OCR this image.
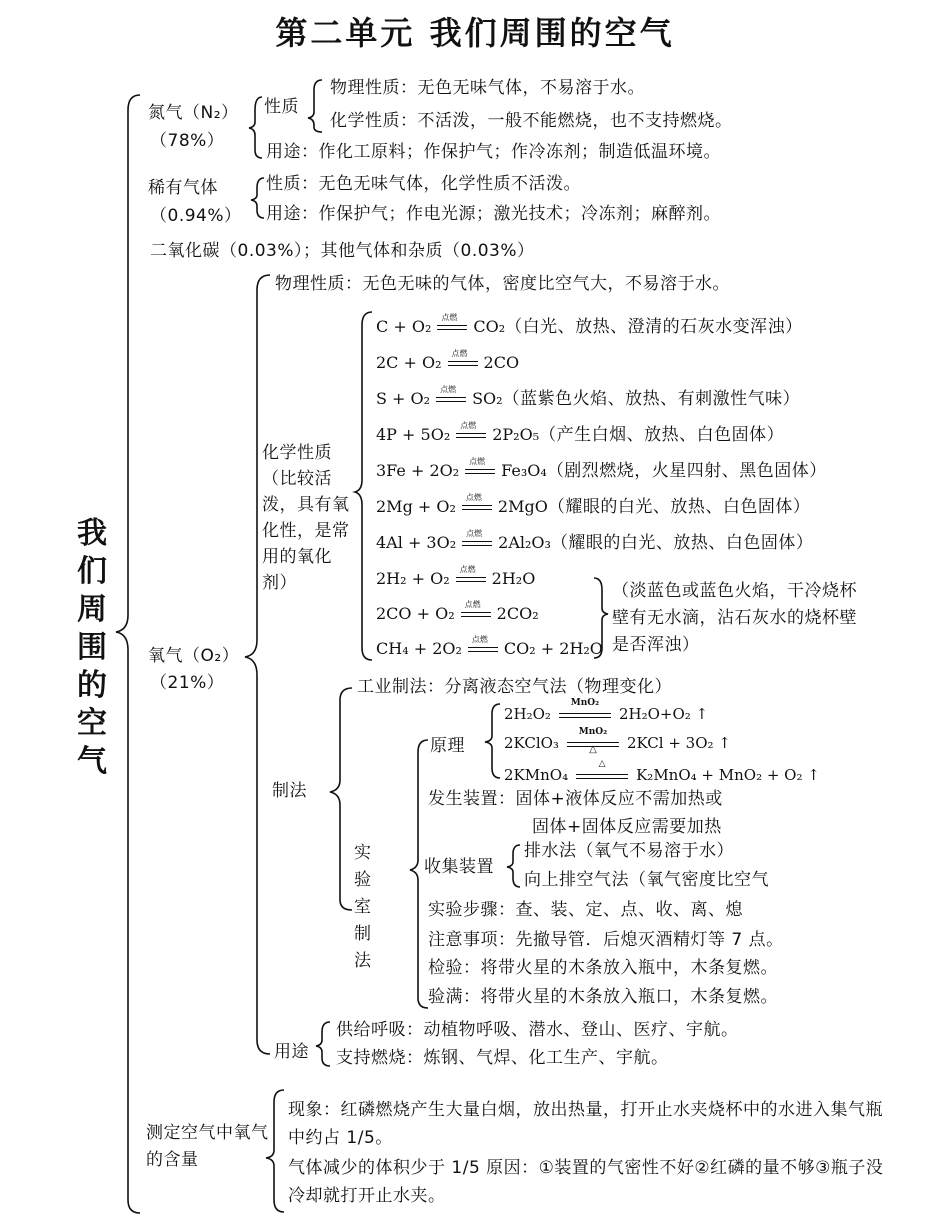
第二单元 我们周围的空气
我们周围的空气
氮气（N₂）
（78%）
性质
物理性质：无色无味气体，不易溶于水。
化学性质：不活泼，一般不能燃烧，也不支持燃烧。
用途：作化工原料；作保护气；作冷冻剂；制造低温环境。
稀有气体
（0.94%）
性质：无色无味气体，化学性质不活泼。
用途：作保护气；作电光源；激光技术；冷冻剂；麻醉剂。
二氧化碳（0.03%）；其他气体和杂质（0.03%）
氧气（O₂）
（21%）
物理性质：无色无味的气体，密度比空气大，不易溶于水。
化学性质（比较活泼，具有氧化性，是常用的氧化剂）
C + O₂ 点燃 CO₂（白光、放热、澄清的石灰水变浑浊）
2C + O₂ 点燃 2CO
S + O₂ 点燃 SO₂（蓝紫色火焰、放热、有刺激性气味）
4P + 5O₂ 点燃 2P₂O₅（产生白烟、放热、白色固体）
3Fe + 2O₂ 点燃 Fe₃O₄（剧烈燃烧，火星四射、黑色固体）
2Mg + O₂ 点燃 2MgO（耀眼的白光、放热、白色固体）
4Al + 3O₂ 点燃 2Al₂O₃（耀眼的白光、放热、白色固体）
2H₂ + O₂ 点燃 2H₂O
2CO + O₂ 点燃 2CO₂
CH₄ + 2O₂ 点燃 CO₂ + 2H₂O
（淡蓝色或蓝色火焰，干冷烧杯壁有无水滴，沾石灰水的烧杯壁是否浑浊）
制法
工业制法：分离液态空气法（物理变化）
实验室制法
原理
2H₂O₂
MnO₂
2H₂O+O₂ ↑
2KClO₃
MnO₂
△	2KCl + 3O₂ ↑
2KMnO₄
△
K₂MnO₄ + MnO₂ + O₂ ↑
发生装置：固体+液体反应不需加热或
固体+固体反应需要加热
收集装置
排水法（氧气不易溶于水）
向上排空气法（氧气密度比空气
实验步骤：查、装、定、点、收、离、熄
注意事项：先撤导管．后熄灭酒精灯等 7 点。
检验：将带火星的木条放入瓶中，木条复燃。
验满：将带火星的木条放入瓶口，木条复燃。
用途
供给呼吸：动植物呼吸、潜水、登山、医疗、宇航。
支持燃烧：炼钢、气焊、化工生产、宇航。
测定空气中氧气的含量
现象：红磷燃烧产生大量白烟，放出热量，打开止水夹烧杯中的水进入集气瓶中约占 1/5。
气体减少的体积少于 1/5 原因：①装置的气密性不好②红磷的量不够③瓶子没冷却就打开止水夹。
